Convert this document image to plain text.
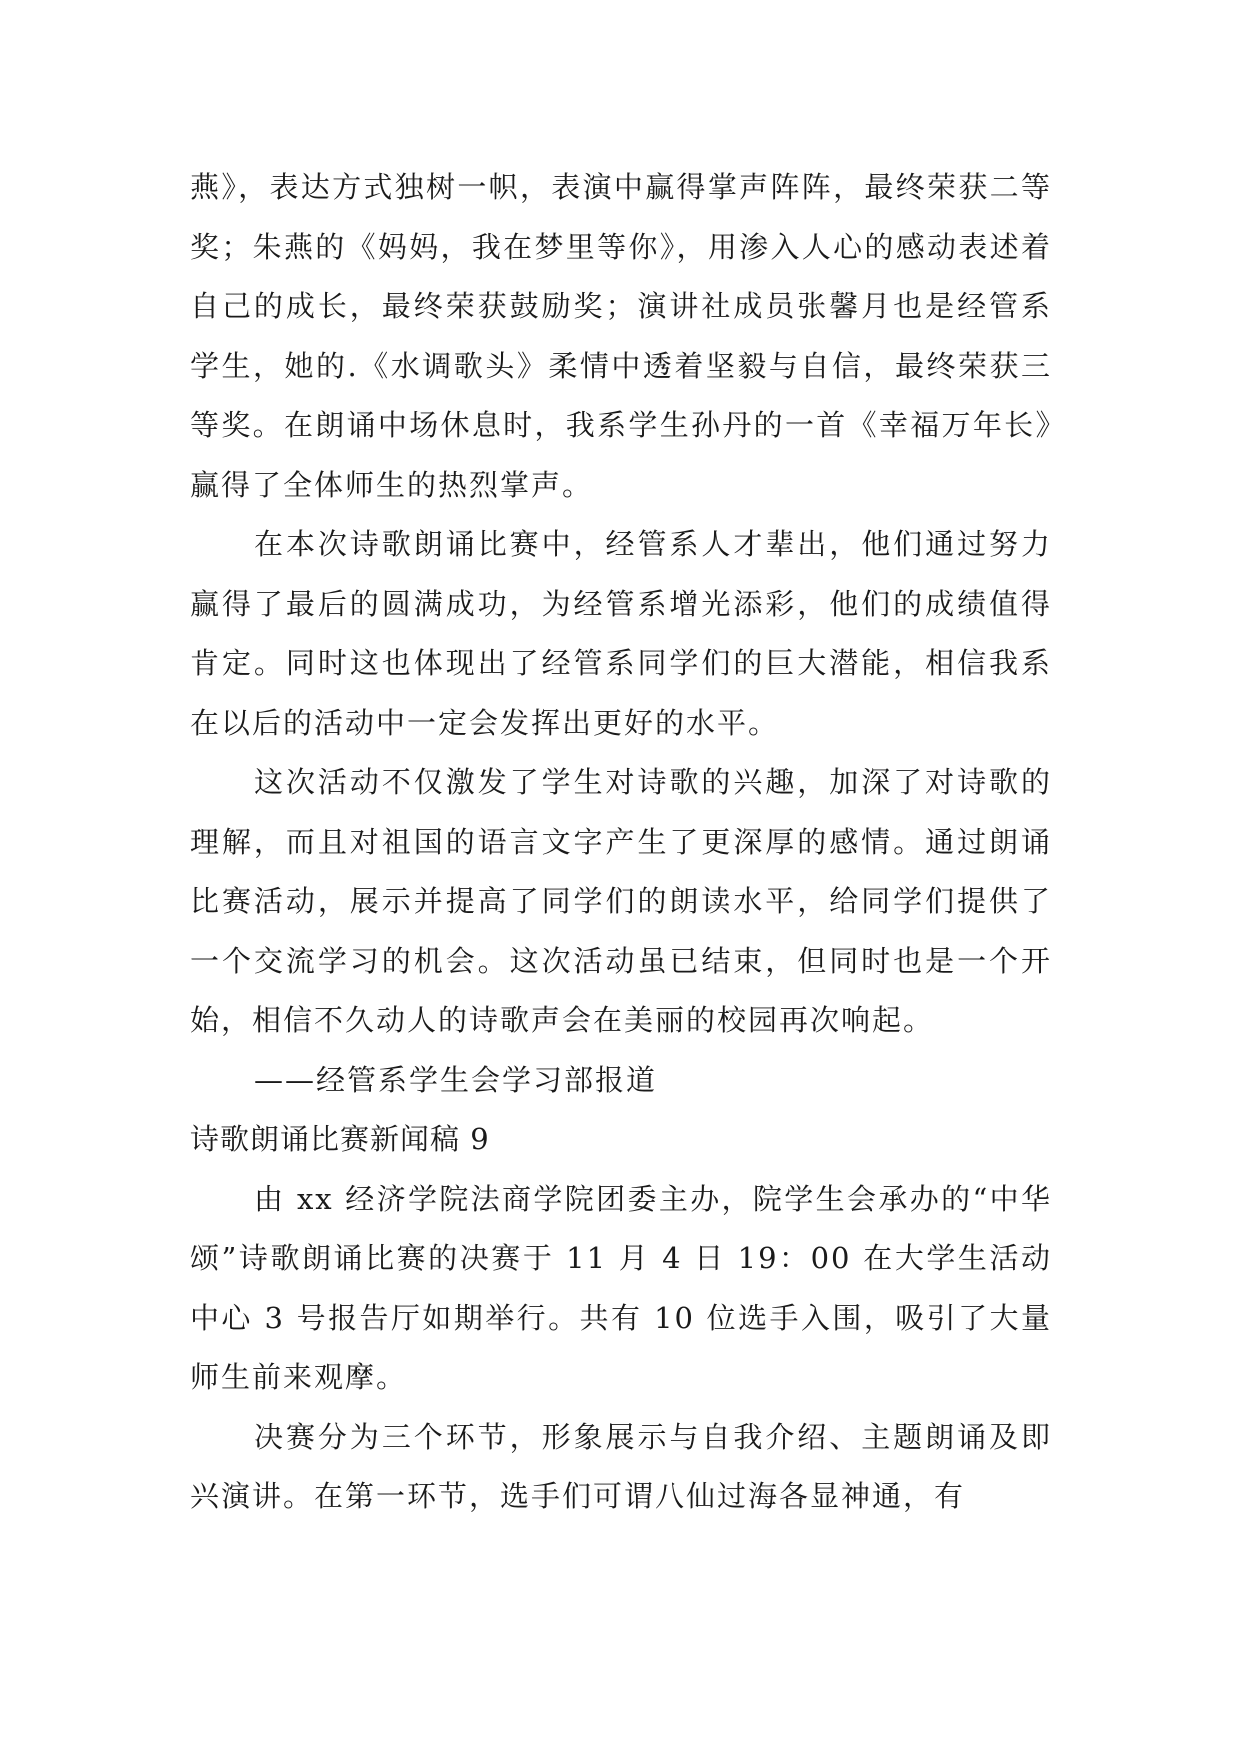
燕》，表达方式独树一帜，表演中赢得掌声阵阵，最终荣获二等奖；朱燕的《妈妈，我在梦里等你》，用渗入人心的感动表述着自己的成长，最终荣获鼓励奖；演讲社成员张馨月也是经管系学生，她的.《水调歌头》柔情中透着坚毅与自信，最终荣获三等奖。在朗诵中场休息时，我系学生孙丹的一首《幸福万年长》赢得了全体师生的热烈掌声。

在本次诗歌朗诵比赛中，经管系人才辈出，他们通过努力赢得了最后的圆满成功，为经管系增光添彩，他们的成绩值得肯定。同时这也体现出了经管系同学们的巨大潜能，相信我系在以后的活动中一定会发挥出更好的水平。

这次活动不仅激发了学生对诗歌的兴趣，加深了对诗歌的理解，而且对祖国的语言文字产生了更深厚的感情。通过朗诵比赛活动，展示并提高了同学们的朗读水平，给同学们提供了一个交流学习的机会。这次活动虽已结束，但同时也是一个开始，相信不久动人的诗歌声会在美丽的校园再次响起。

——经管系学生会学习部报道

诗歌朗诵比赛新闻稿 9

由 xx 经济学院法商学院团委主办，院学生会承办的“中华颂”诗歌朗诵比赛的决赛于 11 月 4 日 19：00 在大学生活动中心 3 号报告厅如期举行。共有 10 位选手入围，吸引了大量师生前来观摩。

决赛分为三个环节，形象展示与自我介绍、主题朗诵及即兴演讲。在第一环节，选手们可谓八仙过海各显神通，有
